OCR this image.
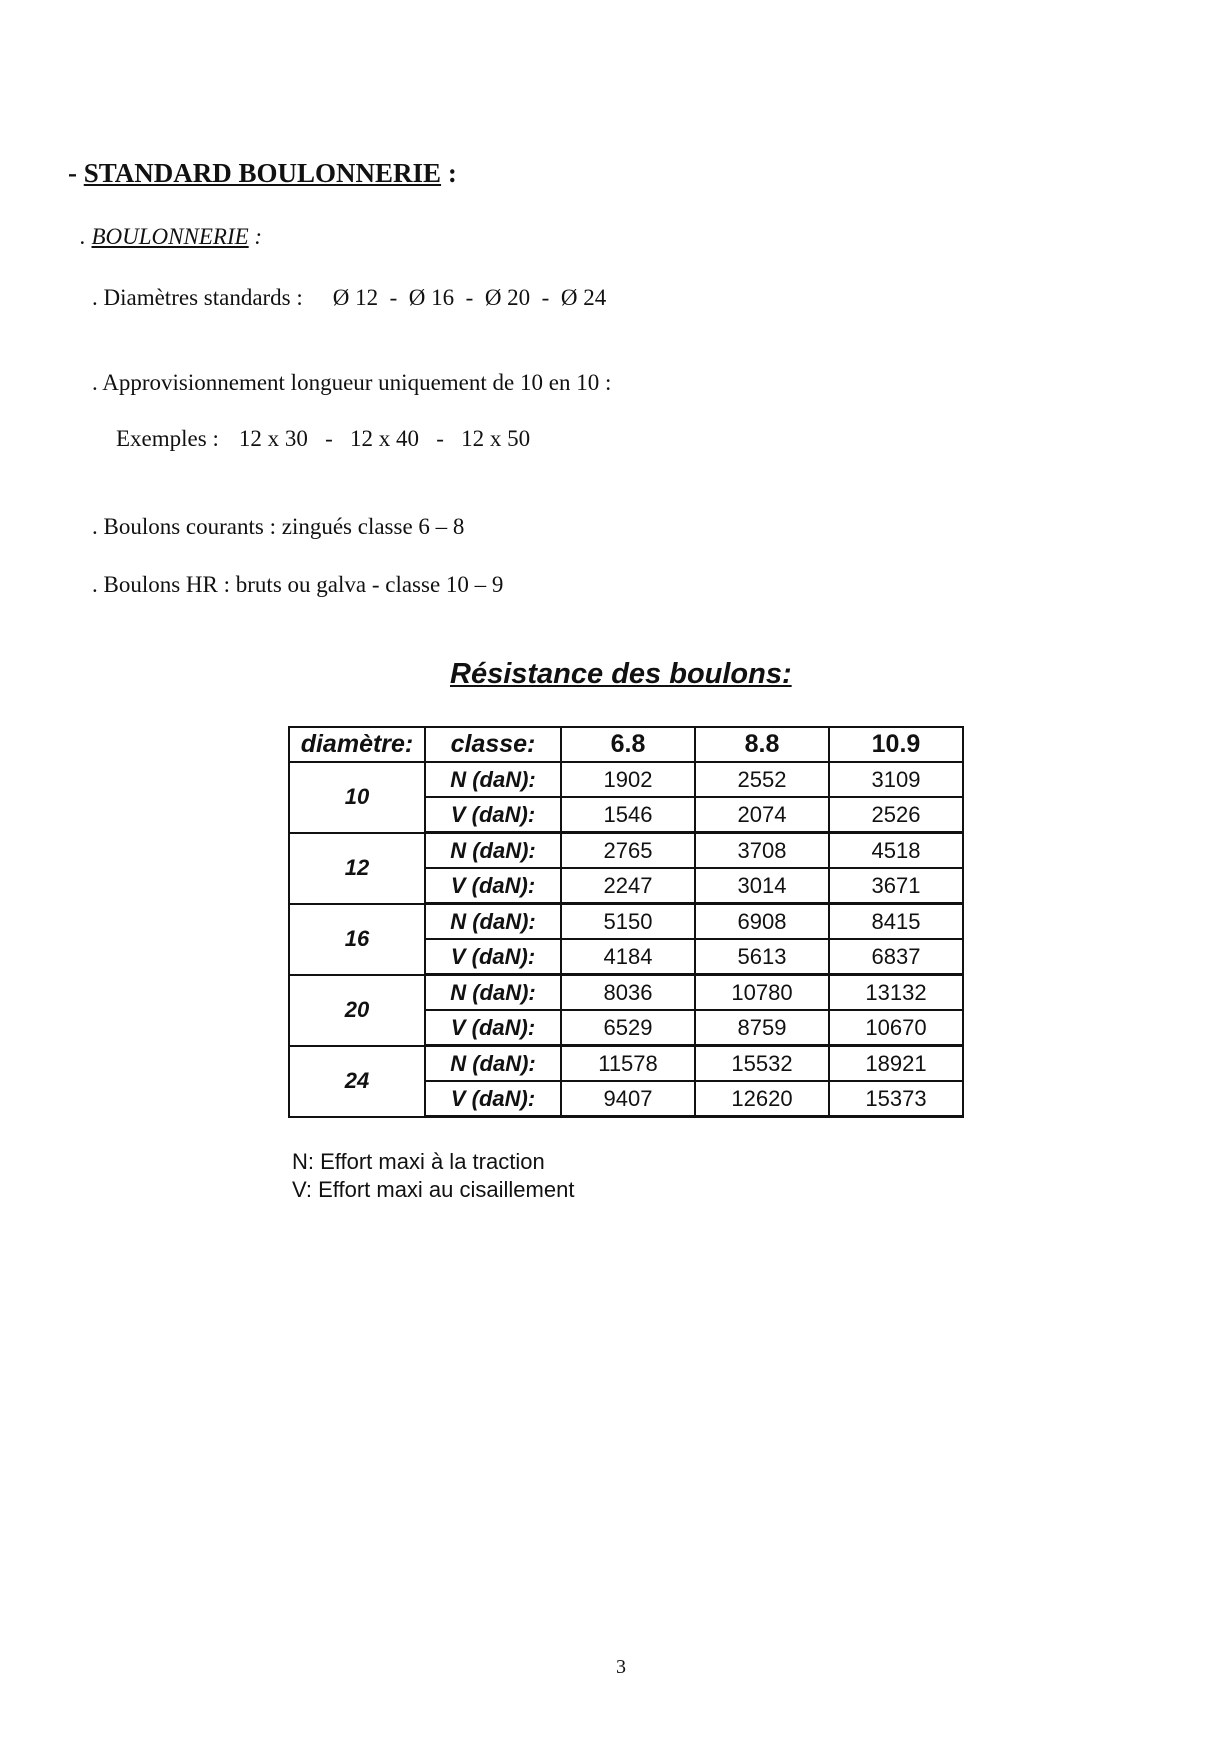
- STANDARD BOULONNERIE :
. BOULONNERIE :
. Diamètres standards : Ø 12  -  Ø 16  -  Ø 20  -  Ø 24
. Approvisionnement longueur uniquement de 10 en 10 :
Exemples : 12 x 30   -   12 x 40   -   12 x 50
. Boulons courants : zingués classe 6 – 8
. Boulons HR : bruts ou galva - classe 10 – 9
Résistance des boulons:
diamètre:	classe:	6.8	8.8	10.9
10	N (daN):	1902	2552	3109
	V (daN):	1546	2074	2526
12	N (daN):	2765	3708	4518
	V (daN):	2247	3014	3671
16	N (daN):	5150	6908	8415
	V (daN):	4184	5613	6837
20	N (daN):	8036	10780	13132
	V (daN):	6529	8759	10670
24	N (daN):	11578	15532	18921
	V (daN):	9407	12620	15373
N: Effort maxi à la traction
V: Effort maxi au cisaillement
3
